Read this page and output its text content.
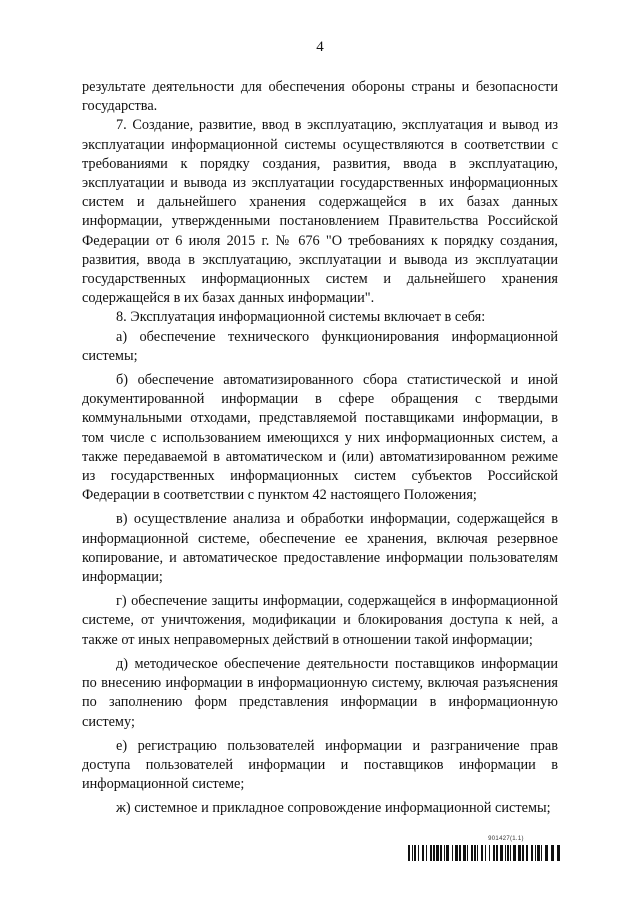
4

результате деятельности для обеспечения обороны страны и безопасности государства.

7. Создание, развитие, ввод в эксплуатацию, эксплуатация и вывод из эксплуатации информационной системы осуществляются в соответствии с требованиями к порядку создания, развития, ввода в эксплуатацию, эксплуатации и вывода из эксплуатации государственных информационных систем и дальнейшего хранения содержащейся в их базах данных информации, утвержденными постановлением Правительства Российской Федерации от 6 июля 2015 г. № 676 "О требованиях к порядку создания, развития, ввода в эксплуатацию, эксплуатации и вывода из эксплуатации государственных информационных систем и дальнейшего хранения содержащейся в их базах данных информации".

8. Эксплуатация информационной системы включает в себя:

а) обеспечение технического функционирования информационной системы;

б) обеспечение автоматизированного сбора статистической и иной документированной информации в сфере обращения с твердыми коммунальными отходами, представляемой поставщиками информации, в том числе с использованием имеющихся у них информационных систем, а также передаваемой в автоматическом и (или) автоматизированном режиме из государственных информационных систем субъектов Российской Федерации в соответствии с пунктом 42 настоящего Положения;

в) осуществление анализа и обработки информации, содержащейся в информационной системе, обеспечение ее хранения, включая резервное копирование, и автоматическое предоставление информации пользователям информации;

г) обеспечение защиты информации, содержащейся в информационной системе, от уничтожения, модификации и блокирования доступа к ней, а также от иных неправомерных действий в отношении такой информации;

д) методическое обеспечение деятельности поставщиков информации по внесению информации в информационную систему, включая разъяснения по заполнению форм представления информации в информационную систему;

е) регистрацию пользователей информации и разграничение прав доступа пользователей информации и поставщиков информации в информационной системе;

ж) системное и прикладное сопровождение информационной системы;

901427(1.1)
